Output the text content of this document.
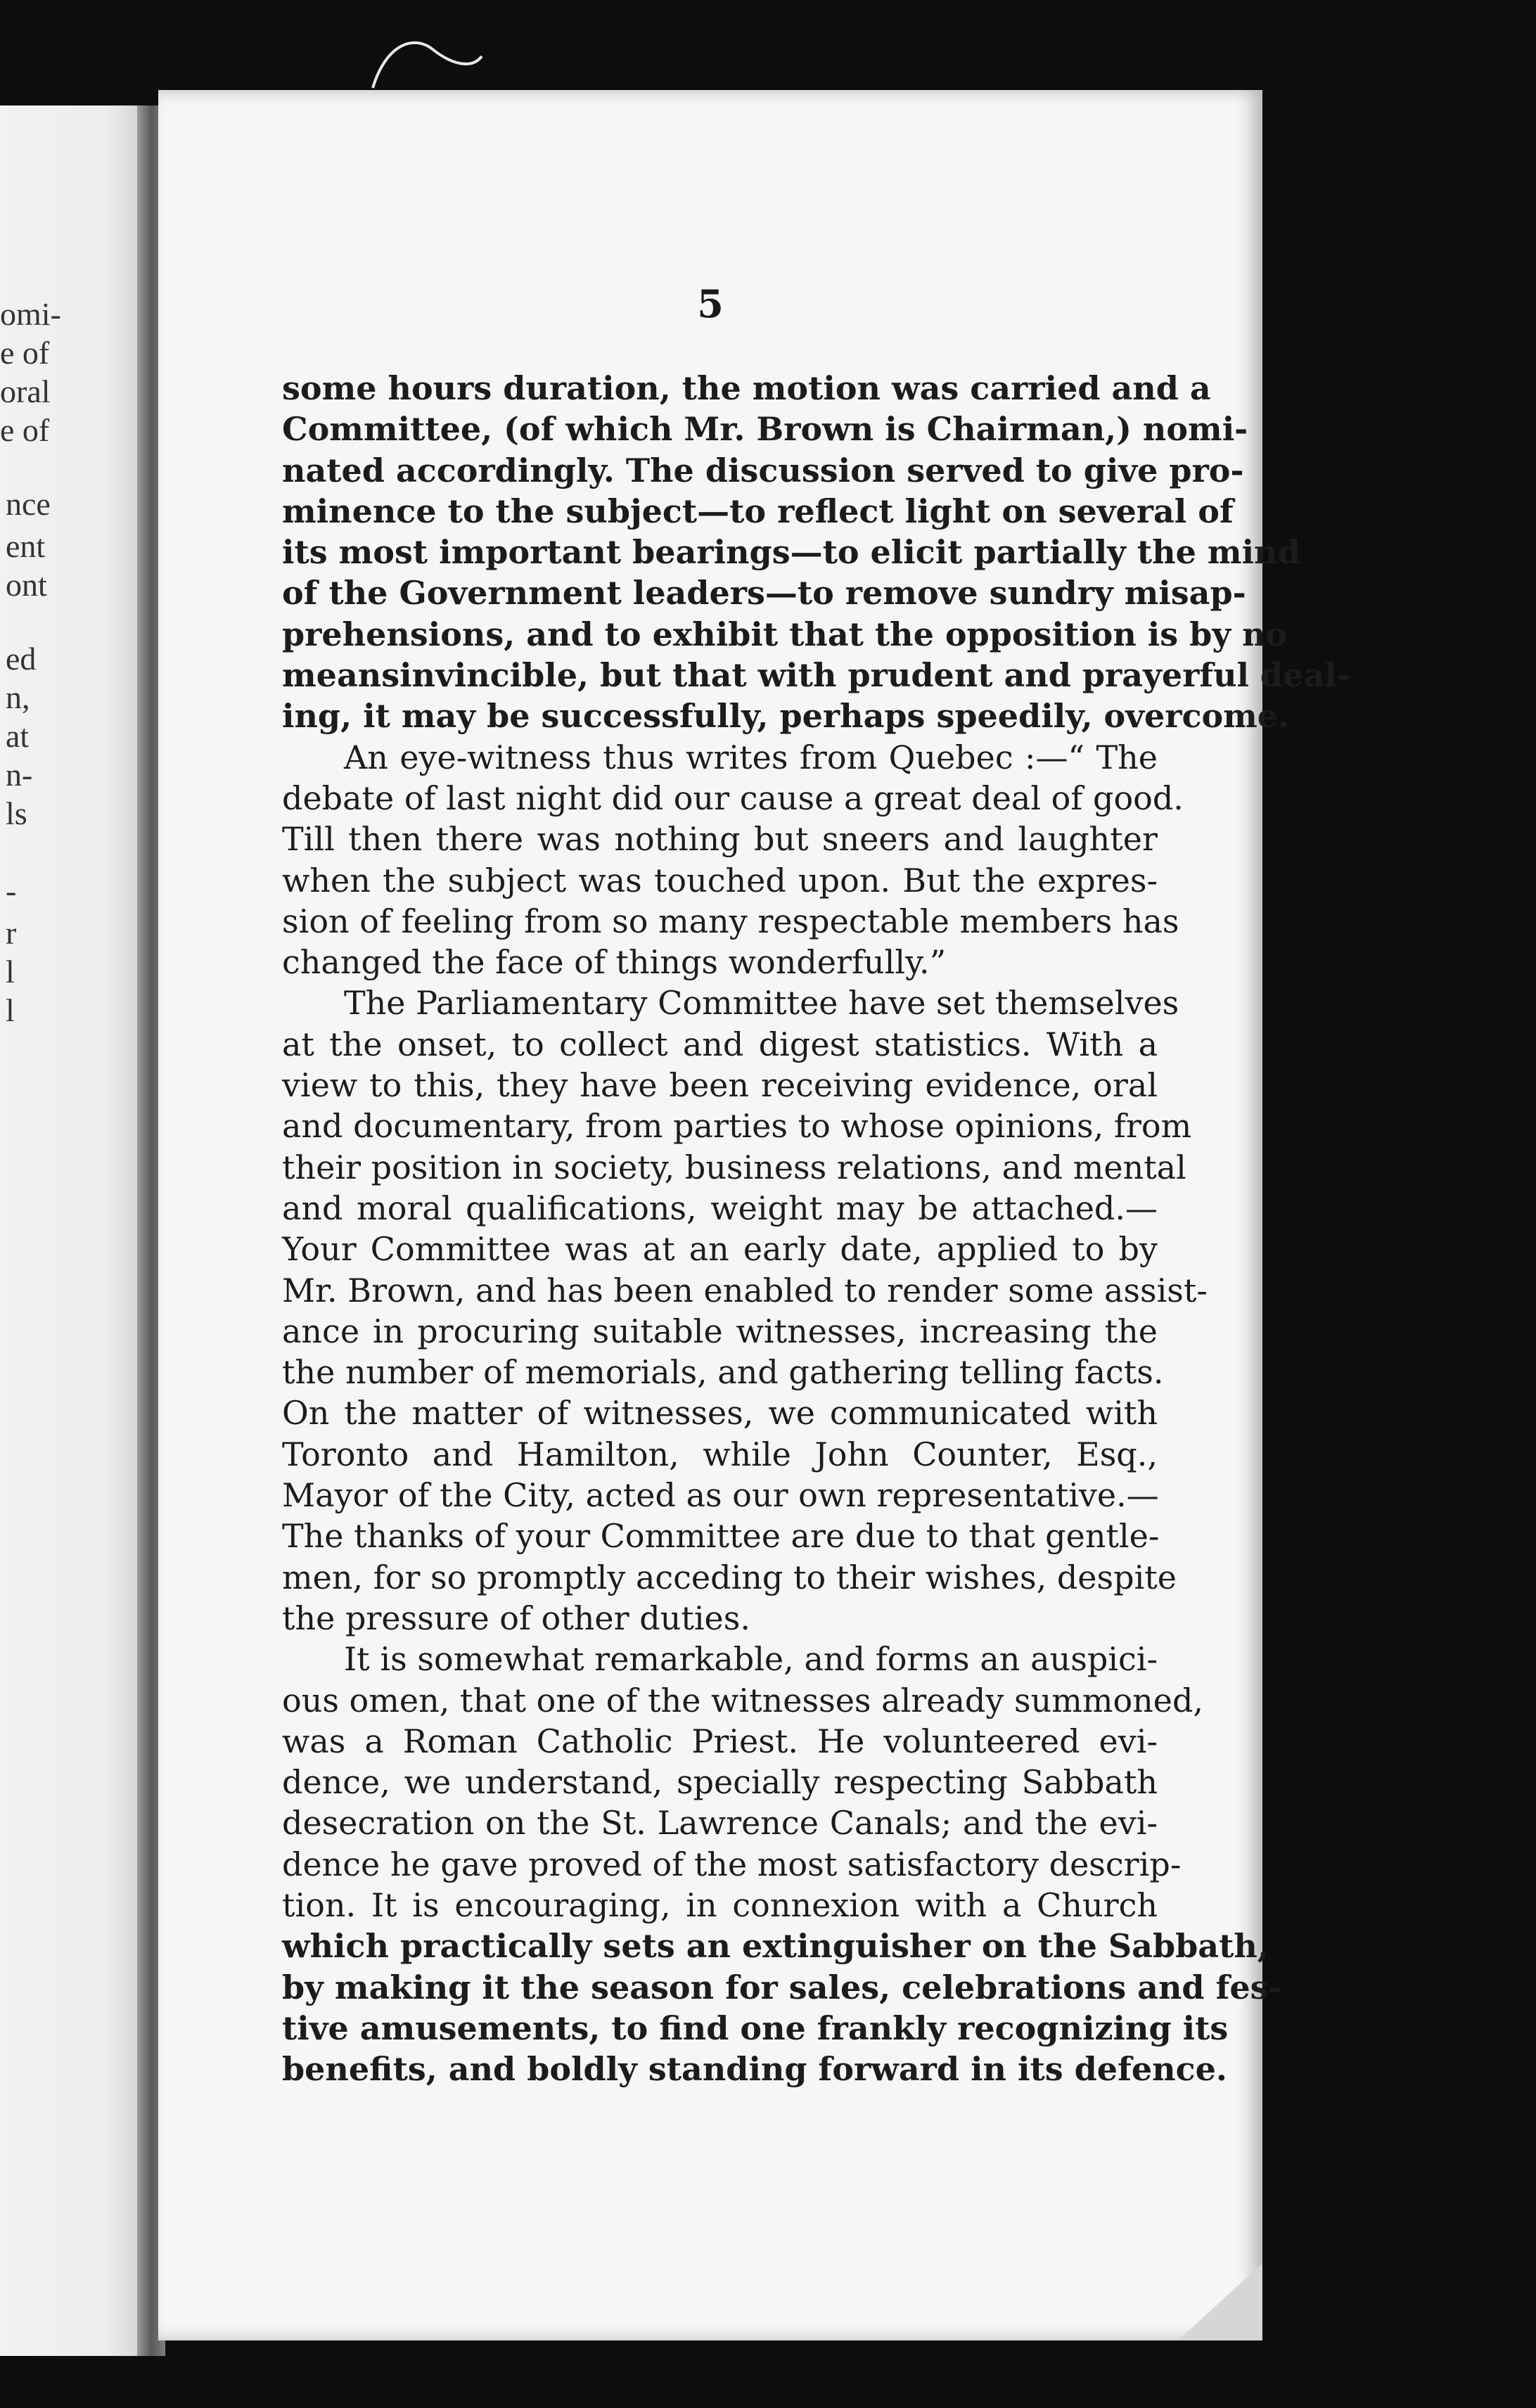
omi-
e of
oral
e of
nce
ent
ont
ed
n,
at
n-
ls
-
r
l
l
5
some hours duration, the motion was carried and a
Committee, (of which Mr. Brown is Chairman,) nomi-
nated accordingly. The discussion served to give pro-
minence to the subject—to reflect light on several of
its most important bearings—to elicit partially the mind
of the Government leaders—to remove sundry misap-
prehensions, and to exhibit that the opposition is by no
meansinvincible, but that with prudent and prayerful deal-
ing, it may be successfully, perhaps speedily, overcome.
An eye-witness thus writes from Quebec :—“ The
debate of last night did our cause a great deal of good.
Till then there was nothing but sneers and laughter
when the subject was touched upon. But the expres-
sion of feeling from so many respectable members has
changed the face of things wonderfully.”
The Parliamentary Committee have set themselves
at the onset, to collect and digest statistics. With a
view to this, they have been receiving evidence, oral
and documentary, from parties to whose opinions, from
their position in society, business relations, and mental
and moral qualifications, weight may be attached.—
Your Committee was at an early date, applied to by
Mr. Brown, and has been enabled to render some assist-
ance in procuring suitable witnesses, increasing the
the number of memorials, and gathering telling facts.
On the matter of witnesses, we communicated with
Toronto and Hamilton, while John Counter, Esq.,
Mayor of the City, acted as our own representative.—
The thanks of your Committee are due to that gentle-
men, for so promptly acceding to their wishes, despite
the pressure of other duties.
It is somewhat remarkable, and forms an auspici-
ous omen, that one of the witnesses already summoned,
was a Roman Catholic Priest. He volunteered evi-
dence, we understand, specially respecting Sabbath
desecration on the St. Lawrence Canals; and the evi-
dence he gave proved of the most satisfactory descrip-
tion. It is encouraging, in connexion with a Church
which practically sets an extinguisher on the Sabbath,
by making it the season for sales, celebrations and fes-
tive amusements, to find one frankly recognizing its
benefits, and boldly standing forward in its defence.
